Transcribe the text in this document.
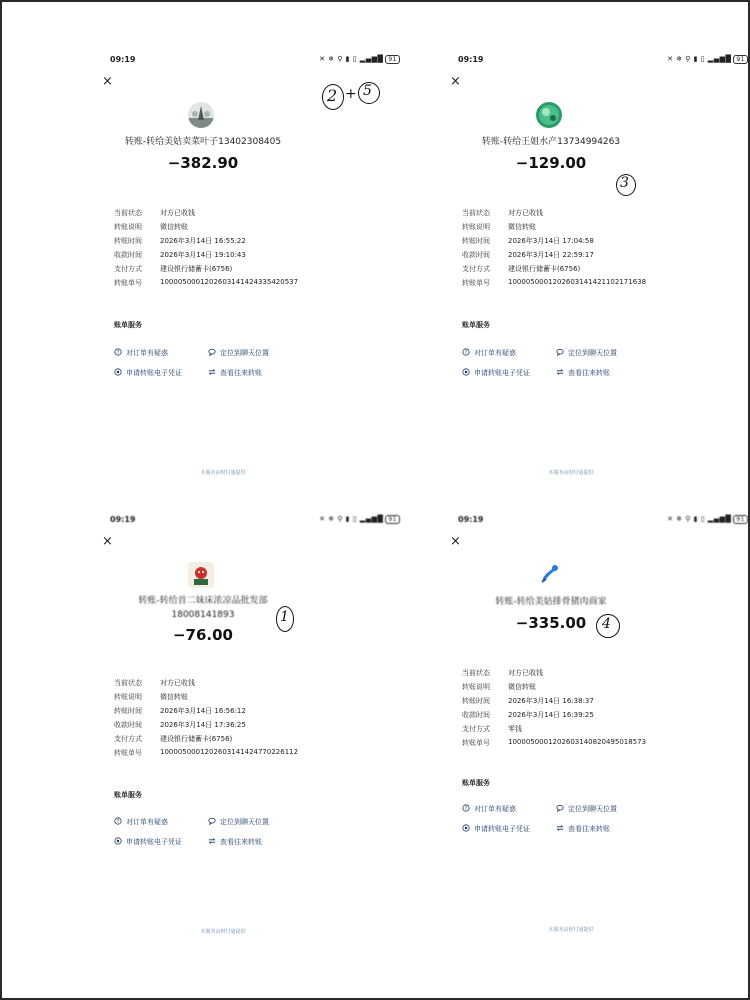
09:19	✕ ❄ ⚲ ▮ ▯ ▂▄▆█ 91
×
转账-转给美姑卖菜叶子13402308405
−382.90
当前状态	对方已收钱
转账说明	微信转账
转账时间	2026年3月14日 16:55:22
收款时间	2026年3月14日 19:10:43
支付方式	建设银行储蓄卡(6756)
转账单号	1000050001202603141424335420537
账单服务
? 对订单有疑惑	定位到聊天位置
申请转账电子凭证	查看往来转账
本服务由财付通提供
2 + 5
09:19	✕ ❄ ⚲ ▮ ▯ ▂▄▆█ 91
×
转账-转给王姐水产13734994263
−129.00
当前状态	对方已收钱
转账说明	微信转账
转账时间	2026年3月14日 17:04:58
收款时间	2026年3月14日 22:59:17
支付方式	建设银行储蓄卡(6756)
转账单号	1000050001202603141421102171638
账单服务
? 对订单有疑惑	定位到聊天位置
申请转账电子凭证	查看往来转账
本服务由财付通提供
3
09:19	✕ ❄ ⚲ ▮ ▯ ▂▄▆█ 91
×
转账-转给首二妹床浓凉品批发部
18008141893
−76.00
当前状态	对方已收钱
转账说明	微信转账
转账时间	2026年3月14日 16:56:12
收款时间	2026年3月14日 17:36:25
支付方式	建设银行储蓄卡(6756)
转账单号	1000050001202603141424770226112
账单服务
? 对订单有疑惑	定位到聊天位置
申请转账电子凭证	查看往来转账
本服务由财付通提供
1
09:19	✕ ❄ ⚲ ▮ ▯ ▂▄▆█ 91
×
转账-转给美姑排骨猪肉商家
−335.00
当前状态	对方已收钱
转账说明	微信转账
转账时间	2026年3月14日 16:38:37
收款时间	2026年3月14日 16:39:25
支付方式	零钱
转账单号	1000050001202603140820495018573
账单服务
? 对订单有疑惑	定位到聊天位置
申请转账电子凭证	查看往来转账
本服务由财付通提供
4
